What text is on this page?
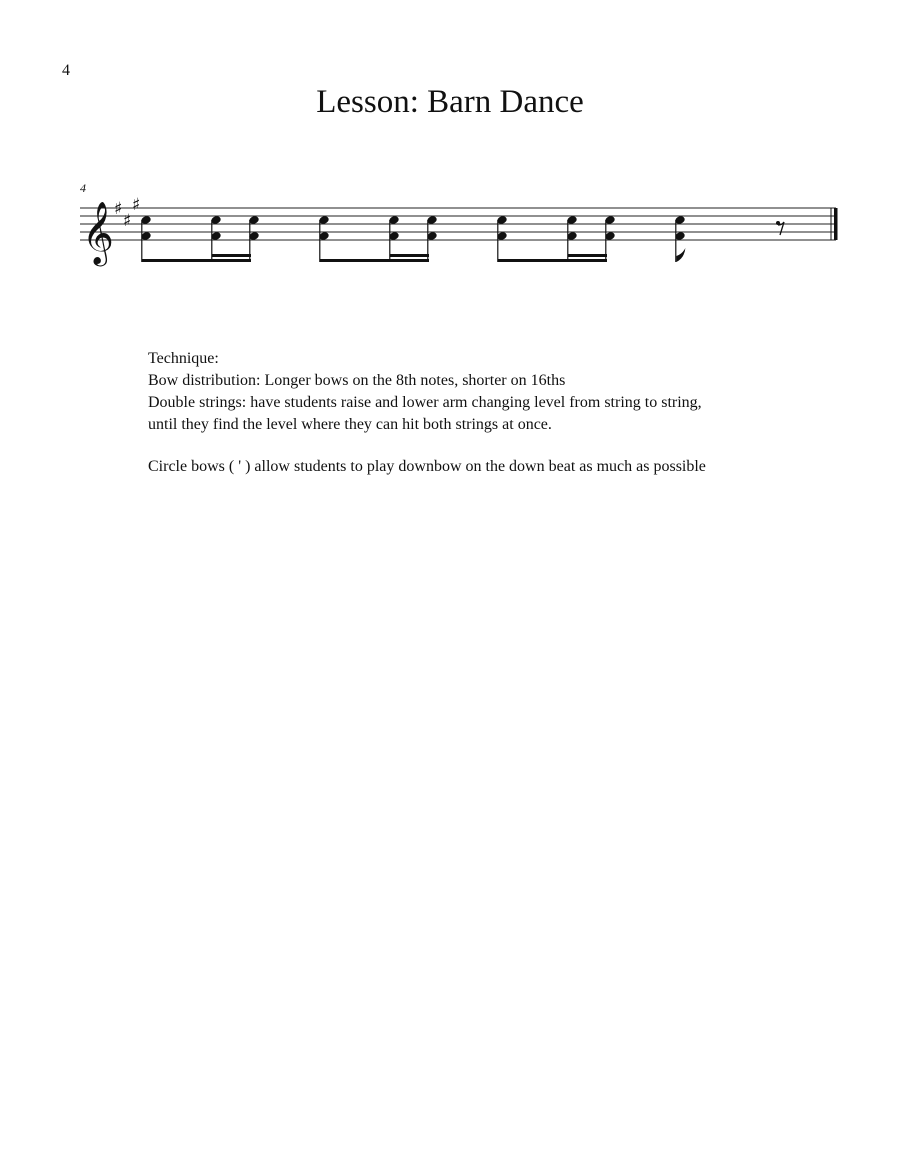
4
Lesson: Barn Dance
4
𝄞 ♯
♯
♯

Technique:

Bow distribution: Longer bows on the 8th notes, shorter on 16ths

Double strings: have students raise and lower arm changing level from string to string,

until they find the level where they can hit both strings at once.

Circle bows ( ' ) allow students to play downbow on the down beat as much as possible
